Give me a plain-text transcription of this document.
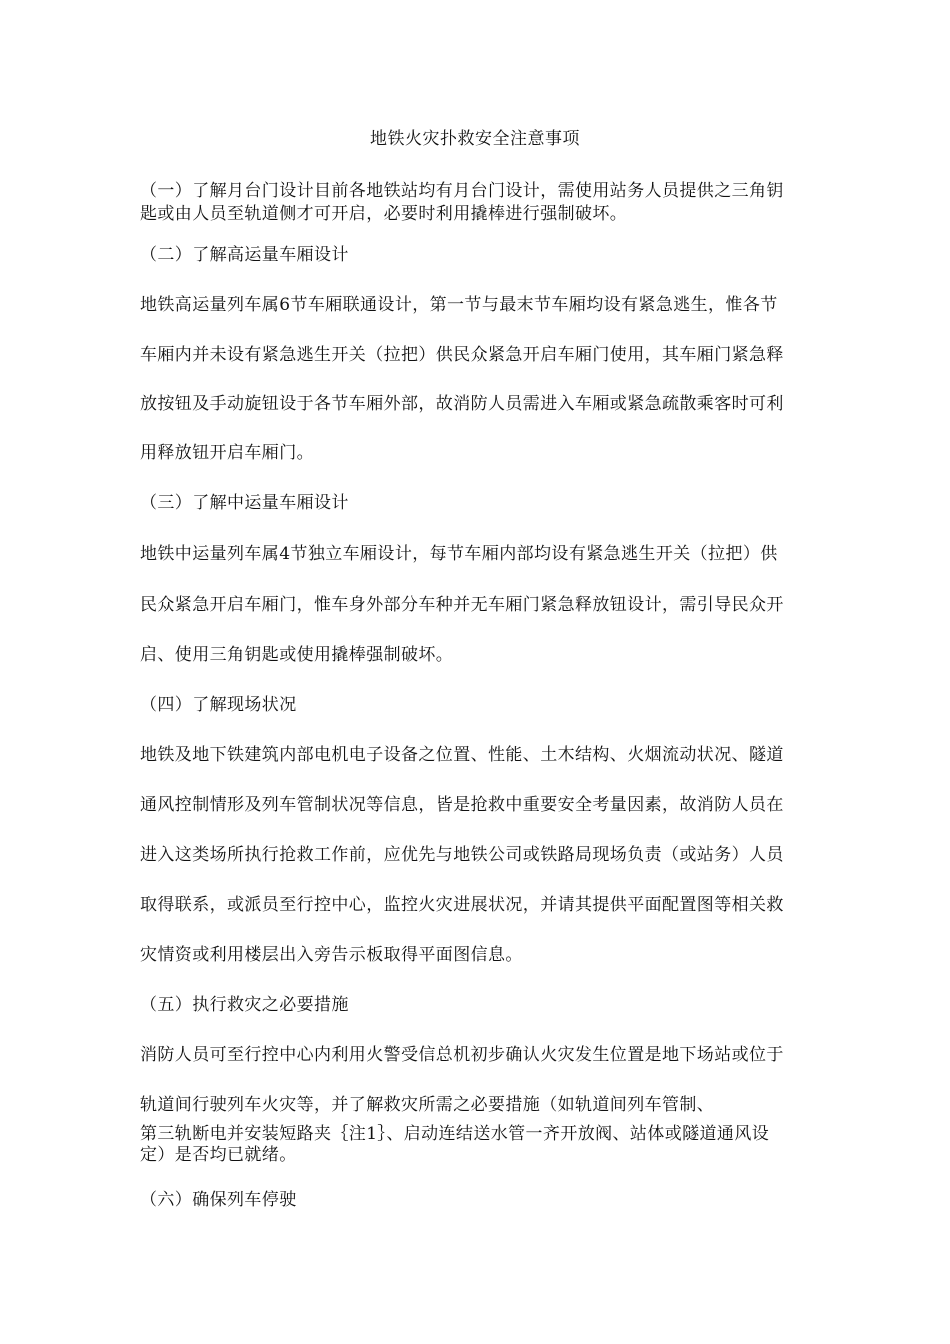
地铁火灾扑救安全注意事项
（一）了解月台门设计目前各地铁站均有月台门设计，需使用站务人员提供之三角钥
匙或由人员至轨道侧才可开启，必要时利用撬棒进行强制破坏。
（二）了解高运量车厢设计
地铁高运量列车属6节车厢联通设计，第一节与最末节车厢均设有紧急逃生，惟各节
车厢内并未设有紧急逃生开关（拉把）供民众紧急开启车厢门使用，其车厢门紧急释
放按钮及手动旋钮设于各节车厢外部，故消防人员需进入车厢或紧急疏散乘客时可利
用释放钮开启车厢门。
（三）了解中运量车厢设计
地铁中运量列车属4节独立车厢设计，每节车厢内部均设有紧急逃生开关（拉把）供
民众紧急开启车厢门，惟车身外部分车种并无车厢门紧急释放钮设计，需引导民众开
启、使用三角钥匙或使用撬棒强制破坏。
（四）了解现场状况
地铁及地下铁建筑内部电机电子设备之位置、性能、土木结构、火烟流动状况、隧道
通风控制情形及列车管制状况等信息，皆是抢救中重要安全考量因素，故消防人员在
进入这类场所执行抢救工作前，应优先与地铁公司或铁路局现场负责（或站务）人员
取得联系，或派员至行控中心，监控火灾进展状况，并请其提供平面配置图等相关救
灾情资或利用楼层出入旁告示板取得平面图信息。
（五）执行救灾之必要措施
消防人员可至行控中心内利用火警受信总机初步确认火灾发生位置是地下场站或位于
轨道间行驶列车火灾等，并了解救灾所需之必要措施（如轨道间列车管制、
第三轨断电并安装短路夹｛注1｝、启动连结送水管一齐开放阀、站体或隧道通风设
定）是否均已就绪。
（六）确保列车停驶
